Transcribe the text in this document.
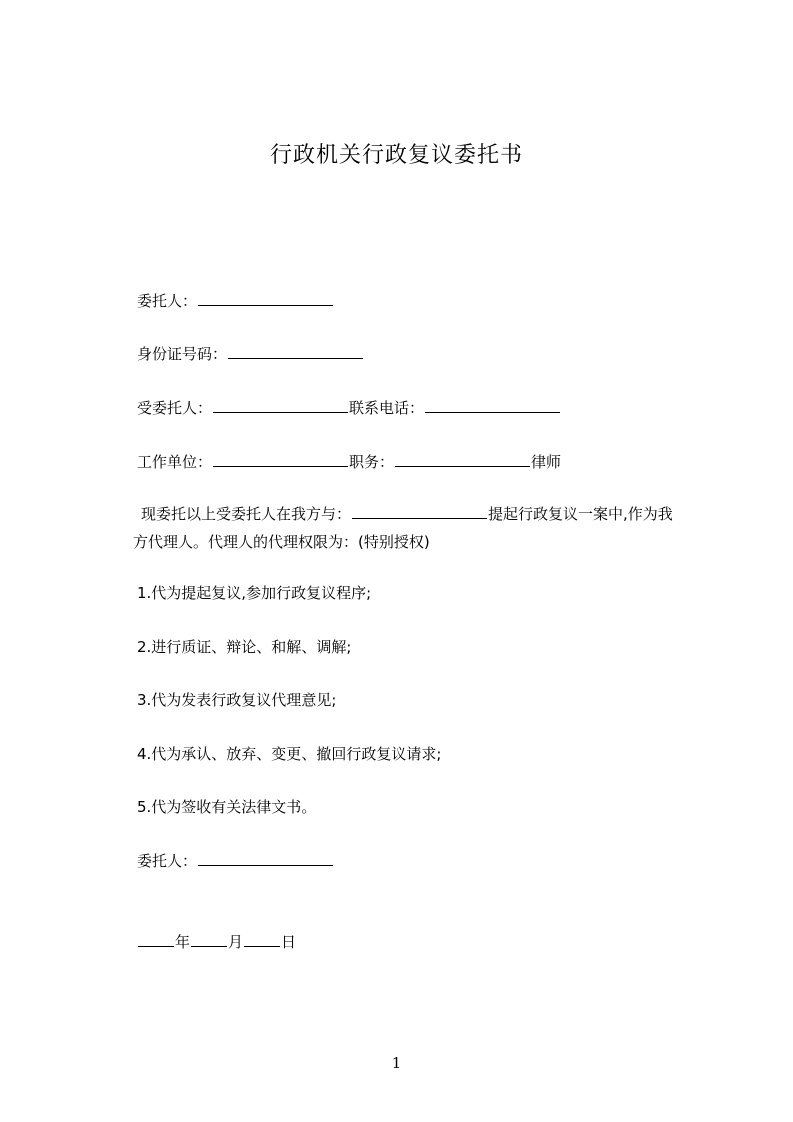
行政机关行政复议委托书
委托人：
身份证号码：
受委托人：	联系电话：
工作单位：	职务：	律师
现委托以上受委托人在我方与：	提起行政复议一案中,作为我
方代理人。代理人的代理权限为：(特别授权)
1.代为提起复议,参加行政复议程序;
2.进行质证、辩论、和解、调解;
3.代为发表行政复议代理意见;
4.代为承认、放弃、变更、撤回行政复议请求;
5.代为签收有关法律文书。
委托人：
年	月	日
1
